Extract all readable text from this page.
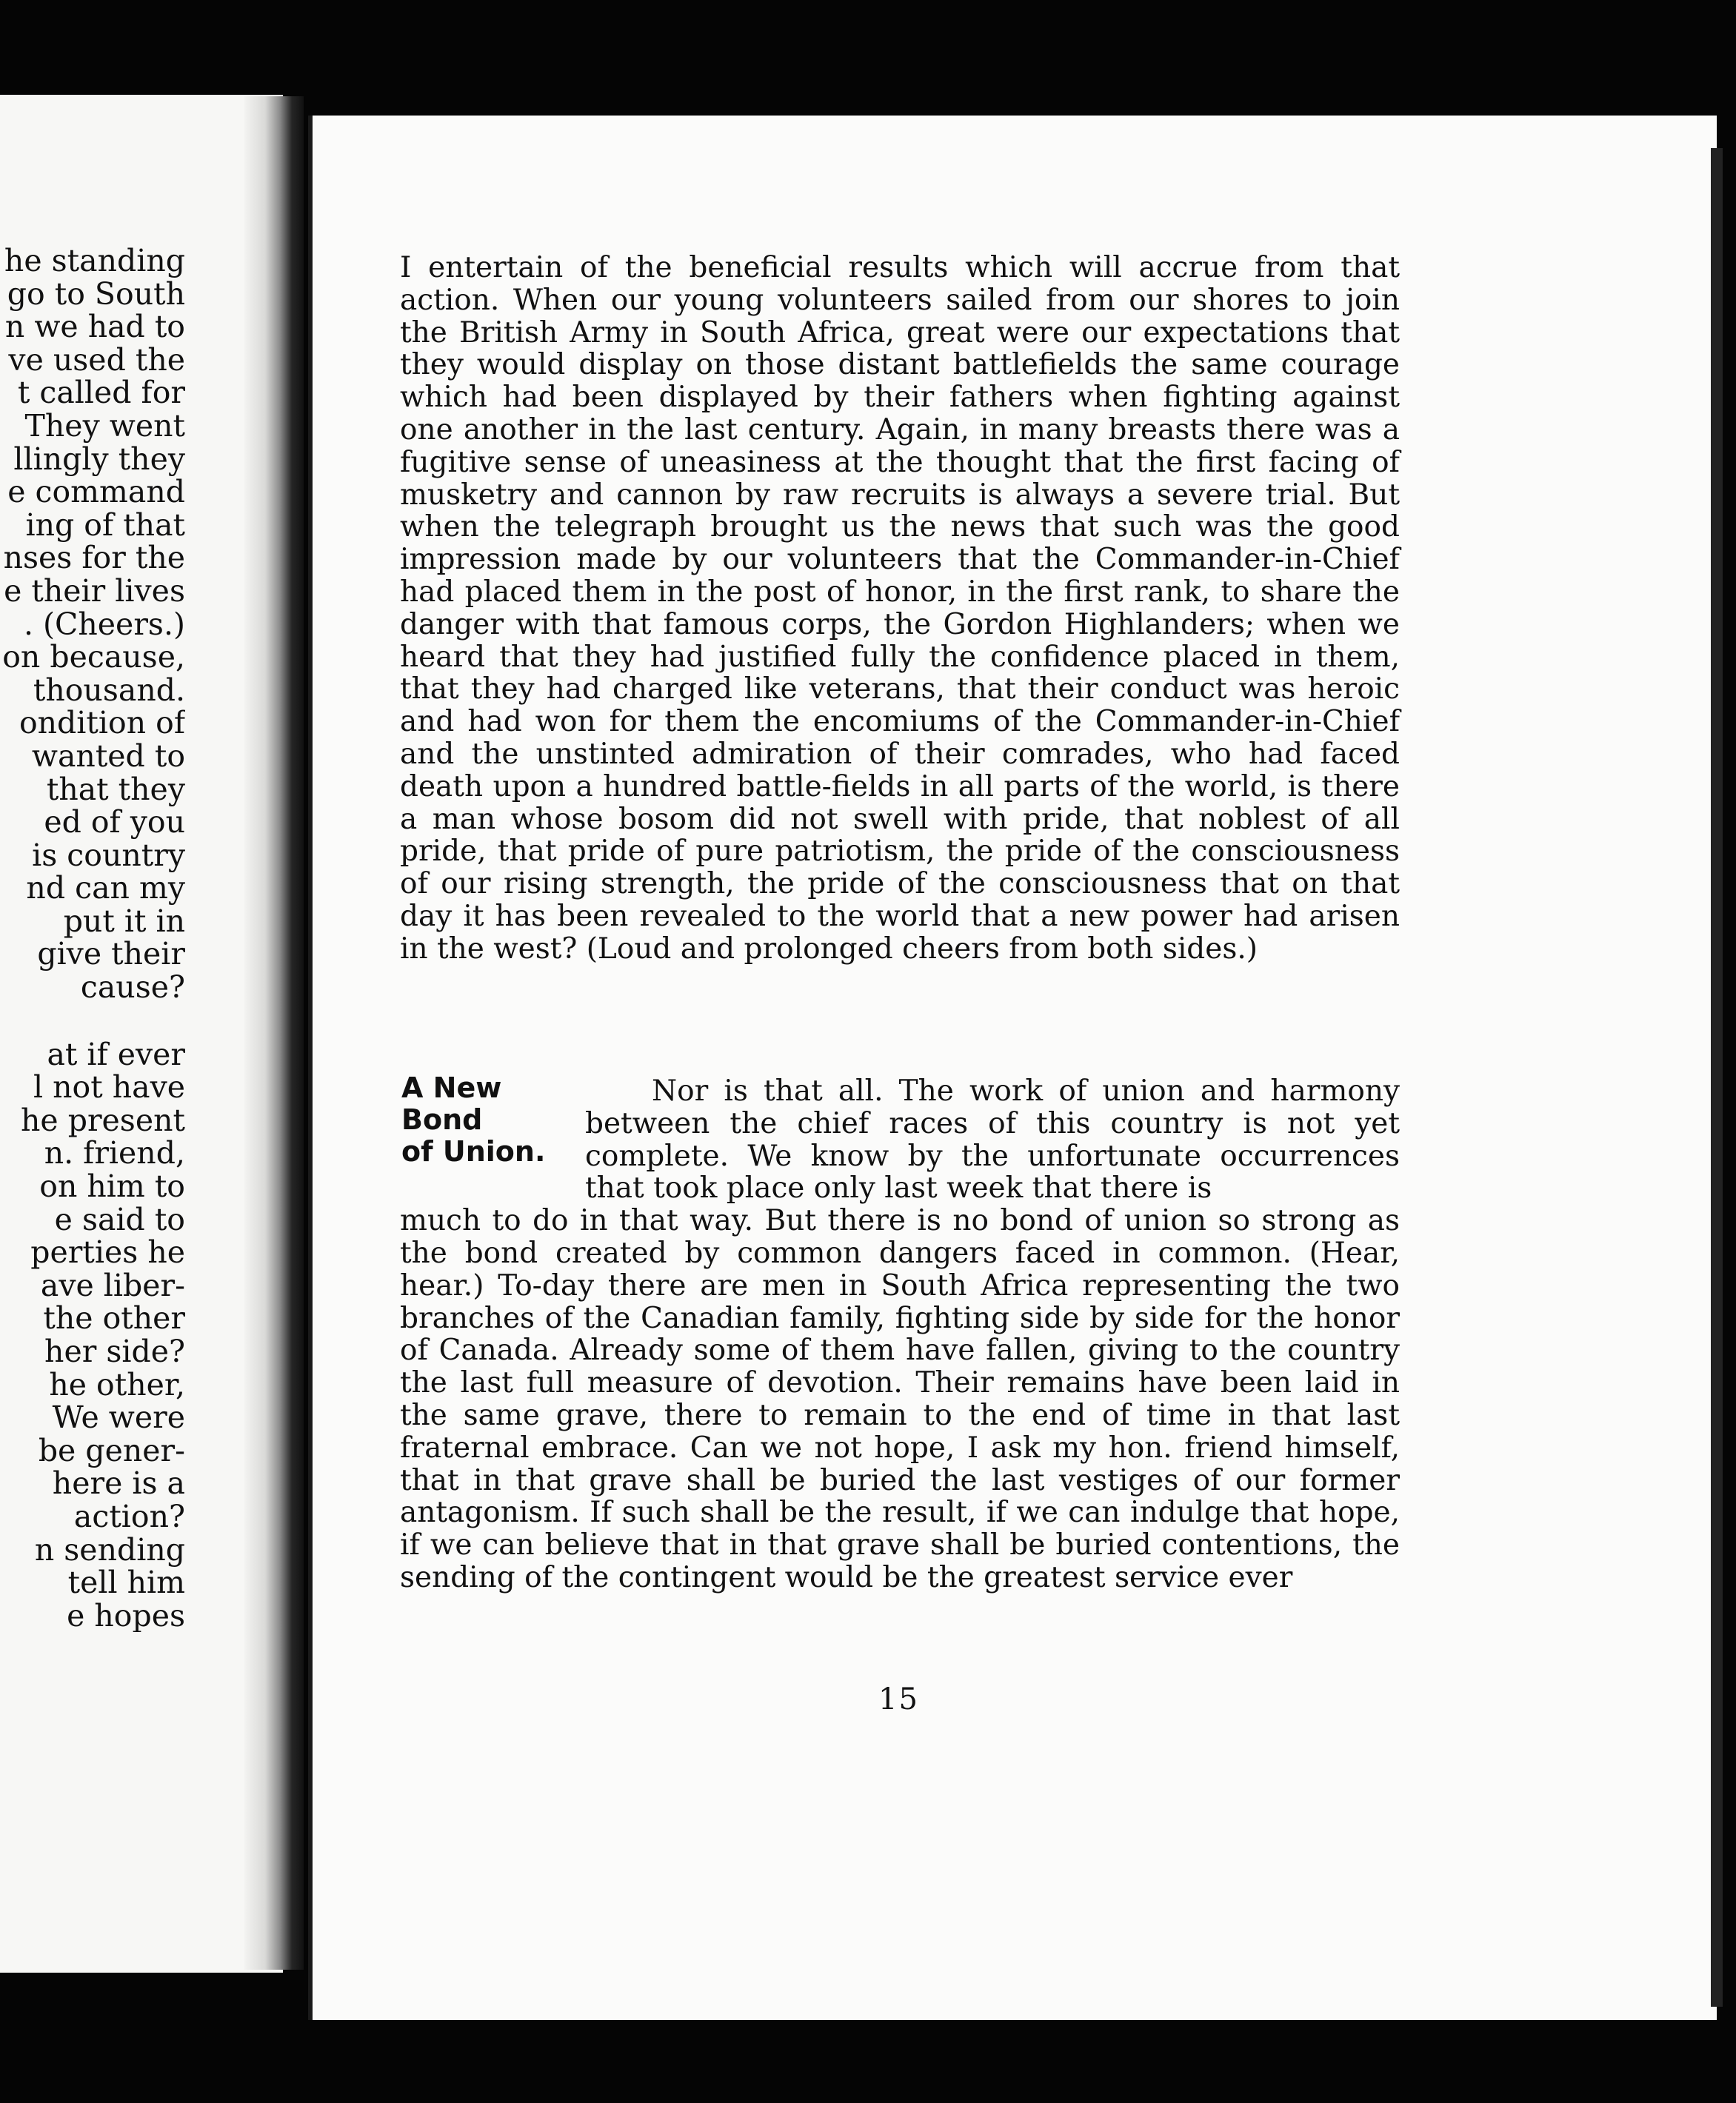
he standing
go to South
n we had to
ve used the
t called for
They went
llingly they
e command
ing of that
nses for the
e their lives
. (Cheers.)
on because,
thousand.
ondition of
wanted to
that they
ed of you
is country
nd can my
put it in
give their
cause?
at if ever
l not have
he present
n. friend,
on him to
e said to
perties he
ave liber-
the other
her side?
he other,
We were
be gener-
here is a
action?
n sending
tell him
e hopes

I entertain of the beneficial results which will accrue from that action. When our young volunteers sailed from our shores to join the British Army in South Africa, great were our expectations that they would display on those distant battlefields the same courage which had been displayed by their fathers when fighting against one another in the last century. Again, in many breasts there was a fugitive sense of uneasiness at the thought that the first facing of musketry and cannon by raw recruits is always a severe trial. But when the telegraph brought us the news that such was the good impression made by our volunteers that the Commander-in-Chief had placed them in the post of honor, in the first rank, to share the danger with that famous corps, the Gordon Highlanders; when we heard that they had justified fully the confidence placed in them, that they had charged like veterans, that their conduct was heroic and had won for them the encomiums of the Commander-in-Chief and the unstinted admiration of their comrades, who had faced death upon a hundred battle-fields in all parts of the world, is there a man whose bosom did not swell with pride, that noblest of all pride, that pride of pure patriotism, the pride of the consciousness of our rising strength, the pride of the consciousness that on that day it has been revealed to the world that a new power had arisen in the west? (Loud and prolonged cheers from both sides.)

A New
Bond
of Union.

Nor is that all. The work of union and harmony between the chief races of this country is not yet complete. We know by the unfortunate occurrences that took place only last week that there is

much to do in that way. But there is no bond of union so strong as the bond created by common dangers faced in common. (Hear, hear.) To-day there are men in South Africa representing the two branches of the Canadian family, fighting side by side for the honor of Canada. Already some of them have fallen, giving to the country the last full measure of devotion. Their remains have been laid in the same grave, there to remain to the end of time in that last fraternal embrace. Can we not hope, I ask my hon. friend himself, that in that grave shall be buried the last vestiges of our former antagonism. If such shall be the result, if we can indulge that hope, if we can believe that in that grave shall be buried contentions, the sending of the contingent would be the greatest service ever

15
